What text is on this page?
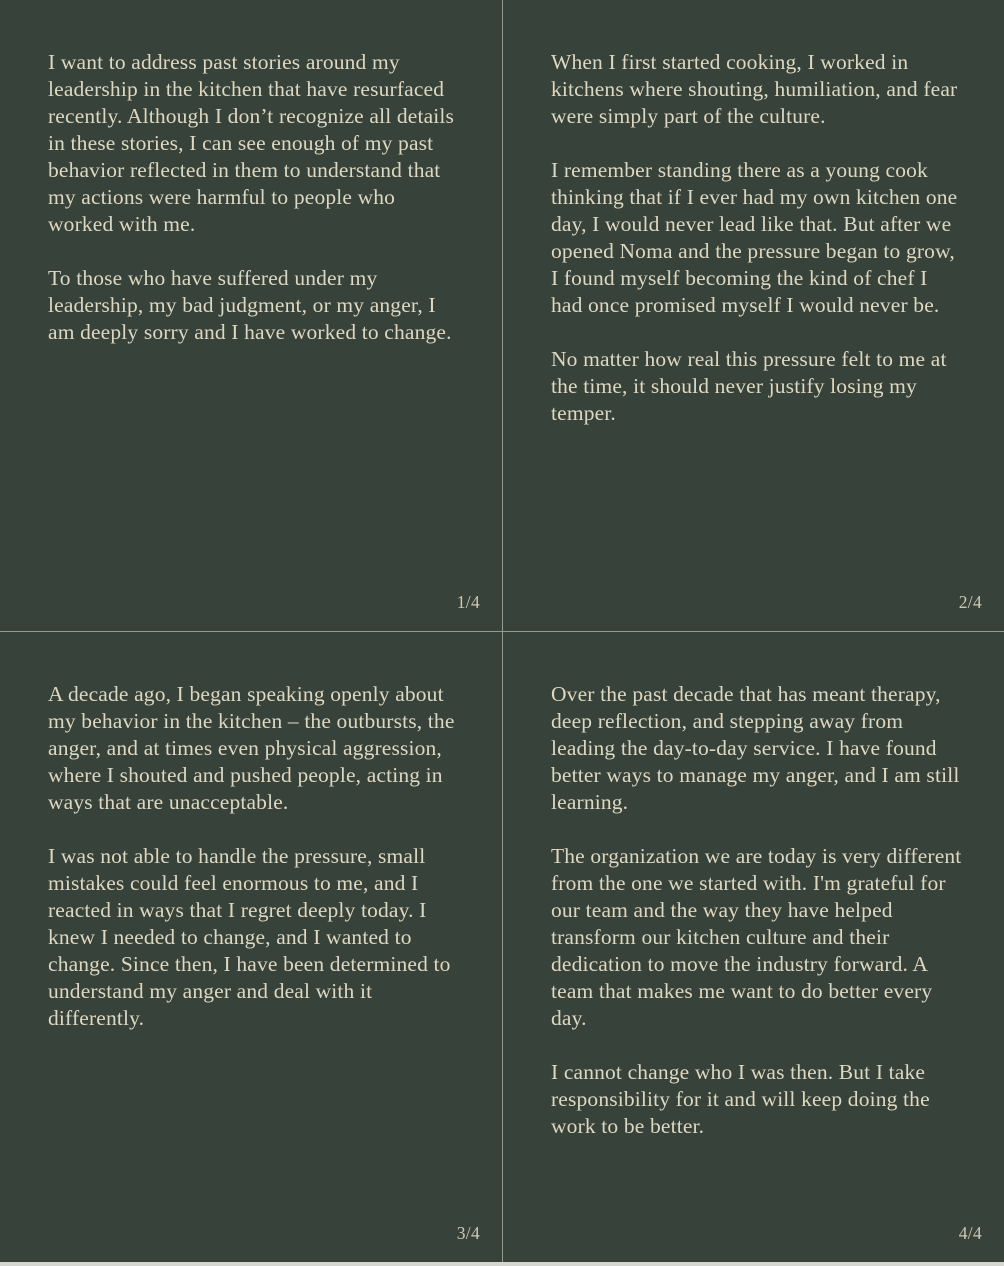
I want to address past stories around my leadership in the kitchen that have resurfaced recently. Although I don’t recognize all details in these stories, I can see enough of my past behavior reflected in them to understand that my actions were harmful to people who worked with me.

To those who have suffered under my leadership, my bad judgment, or my anger, I am deeply sorry and I have worked to change.

1/4

When I first started cooking, I worked in kitchens where shouting, humiliation, and fear were simply part of the culture.

I remember standing there as a young cook thinking that if I ever had my own kitchen one day, I would never lead like that. But after we opened Noma and the pressure began to grow, I found myself becoming the kind of chef I had once promised myself I would never be.

No matter how real this pressure felt to me at the time, it should never justify losing my temper.

2/4

A decade ago, I began speaking openly about my behavior in the kitchen – the outbursts, the anger, and at times even physical aggression, where I shouted and pushed people, acting in ways that are unacceptable.

I was not able to handle the pressure, small mistakes could feel enormous to me, and I reacted in ways that I regret deeply today. I knew I needed to change, and I wanted to change. Since then, I have been determined to understand my anger and deal with it differently.

3/4

Over the past decade that has meant therapy, deep reflection, and stepping away from leading the day-to-day service. I have found better ways to manage my anger, and I am still learning.

The organization we are today is very different from the one we started with. I'm grateful for our team and the way they have helped transform our kitchen culture and their dedication to move the industry forward. A team that makes me want to do better every day.

I cannot change who I was then. But I take responsibility for it and will keep doing the work to be better.

4/4
